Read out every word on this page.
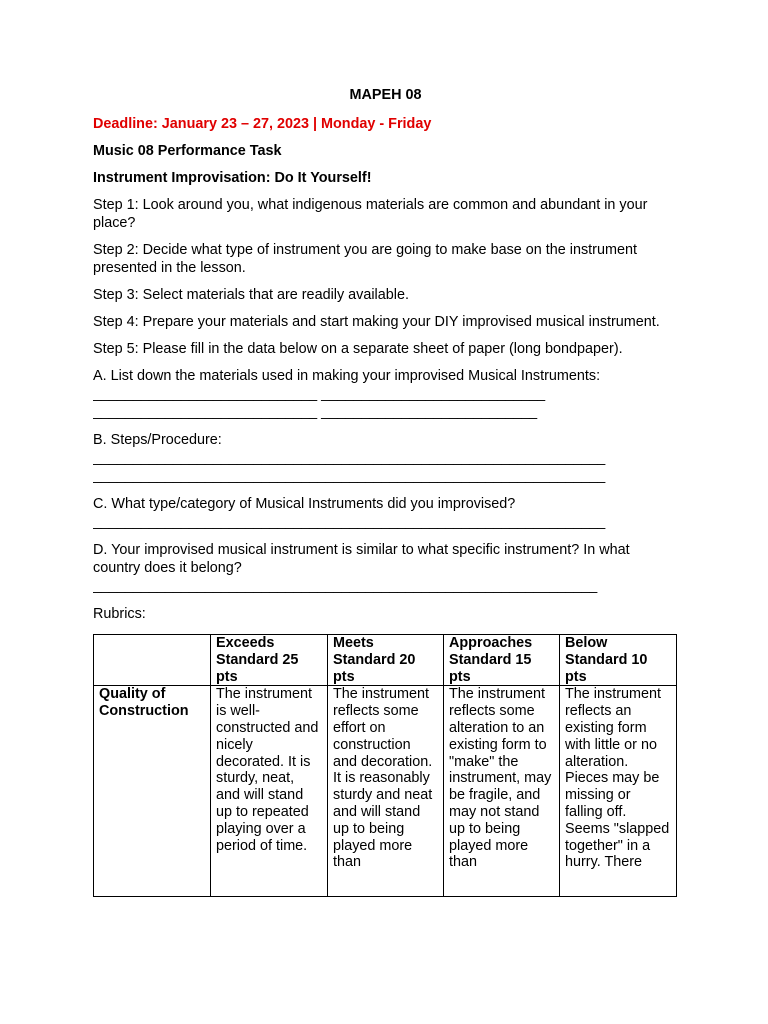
MAPEH 08
Deadline: January 23 – 27, 2023 | Monday - Friday
Music 08 Performance Task
Instrument Improvisation: Do It Yourself!

Step 1: Look around you, what indigenous materials are common and abundant in your place?

Step 2: Decide what type of instrument you are going to make base on the instrument presented in the lesson.

Step 3: Select materials that are readily available.

Step 4: Prepare your materials and start making your DIY improvised musical instrument.

Step 5: Please fill in the data below on a separate sheet of paper (long bondpaper).

A. List down the materials used in making your improvised Musical Instruments:
____________________________ ____________________________
____________________________ ___________________________
B. Steps/Procedure:
________________________________________________________________
________________________________________________________________
C. What type/category of Musical Instruments did you improvised?
________________________________________________________________
D. Your improvised musical instrument is similar to what specific instrument? In what country does it belong?
_______________________________________________________________
Rubrics:
	Exceeds Standard 25 pts	Meets Standard 20 pts	Approaches Standard 15 pts	Below Standard 10 pts

Quality of Construction	The instrument is well-constructed and nicely decorated. It is sturdy, neat, and will stand up to repeated playing over a period of time.	The instrument reflects some effort on construction and decoration. It is reasonably sturdy and neat and will stand up to being played more than	The instrument reflects some alteration to an existing form to "make" the instrument, may be fragile, and may not stand up to being played more than	The instrument reflects an existing form with little or no alteration. Pieces may be missing or falling off. Seems "slapped together" in a hurry. There
